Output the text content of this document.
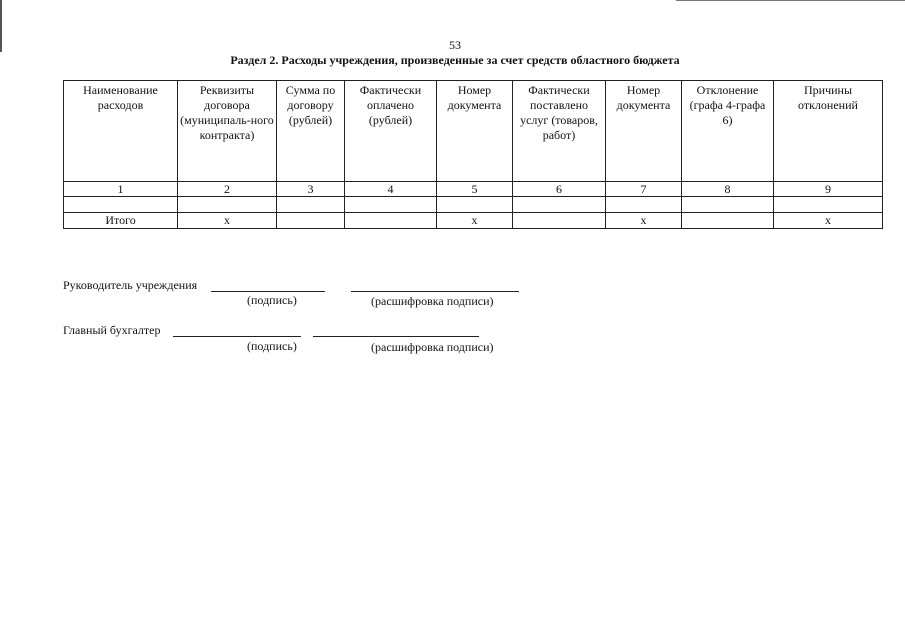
53
Раздел 2. Расходы учреждения, произведенные за счет средств областного бюджета
Наименование расходов	Реквизиты договора (муниципаль-ного контракта)	Сумма по договору (рублей)	Фактически оплачено (рублей)	Номер документа	Фактически поставлено услуг (товаров, работ)	Номер документа	Отклонение (графа 4-графа 6)	Причины отклонений
1	2	3	4	5	6	7	8	9

Итого	x			x		x		x
Руководитель учреждения
(подпись)	(расшифровка подписи)
Главный бухгалтер
(подпись)	(расшифровка подписи)
